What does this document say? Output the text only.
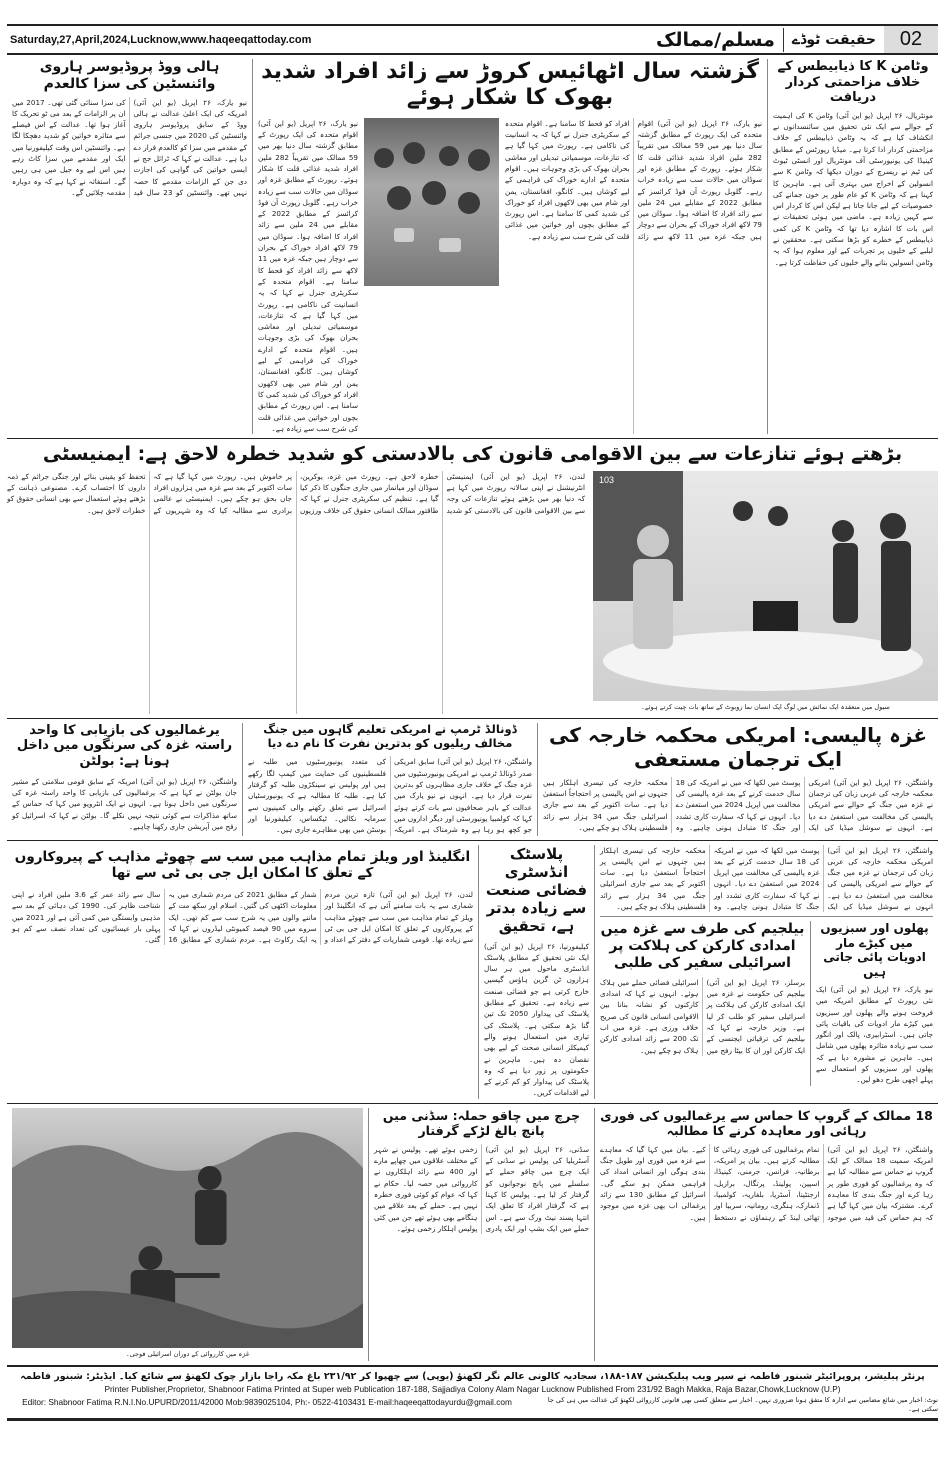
Saturday,27,April,2024,Lucknow,www.haqeeqattoday.com	مسلم/ممالک	حقیقت ٹوڈے	02
وٹامن K کا ذیابیطس کے خلاف مزاحمتی کردار دریافت
مونٹریال، ۲۶ اپریل (یو این آئی) وٹامن K کی اہمیت کے حوالے سے ایک نئی تحقیق میں سائنسدانوں نے انکشاف کیا ہے کہ یہ وٹامن ذیابیطس کے خلاف مزاحمتی کردار ادا کرتا ہے۔ میڈیا رپورٹس کے مطابق کینیڈا کی یونیورسٹی آف مونٹریال اور انسٹی ٹیوٹ کی ٹیم نے ریسرچ کے دوران دیکھا کہ وٹامن K سے انسولین کے اخراج میں بہتری آتی ہے۔ ماہرین کا کہنا ہے کہ وٹامن K کو عام طور پر خون جمانے کی خصوصیات کے لیے جانا جاتا ہے لیکن اس کا کردار اس سے کہیں زیادہ ہے۔ ماضی میں ہوئی تحقیقات نے اس بات کا اشارہ دیا تھا کہ وٹامن K کی کمی ذیابیطس کے خطرے کو بڑھا سکتی ہے۔ محققین نے لبلبے کے خلیوں پر تجربات کیے اور معلوم ہوا کہ یہ وٹامن انسولین بنانے والے خلیوں کی حفاظت کرتا ہے۔
گزشتہ سال اٹھائیس کروڑ سے زائد افراد شدید بھوک کا شکار ہوئے
نیو یارک، ۲۶ اپریل (یو این آئی) اقوام متحدہ کی ایک رپورٹ کے مطابق گزشتہ سال دنیا بھر میں 59 ممالک میں تقریباً 282 ملین افراد شدید غذائی قلت کا شکار ہوئے۔ رپورٹ کے مطابق غزہ اور سوڈان میں حالات سب سے زیادہ خراب رہے۔ گلوبل رپورٹ آن فوڈ کرائسز کے مطابق 2022 کے مقابلے میں 24 ملین سے زائد افراد کا اضافہ ہوا۔ سوڈان میں 79 لاکھ افراد خوراک کے بحران سے دوچار ہیں جبکہ غزہ میں 11 لاکھ سے زائد افراد کو قحط کا سامنا ہے۔ اقوام متحدہ کے سکریٹری جنرل نے کہا کہ یہ انسانیت کی ناکامی ہے۔ رپورٹ میں کہا گیا ہے کہ تنازعات، موسمیاتی تبدیلی اور معاشی بحران بھوک کی بڑی وجوہات ہیں۔ اقوام متحدہ کے ادارے خوراک کی فراہمی کے لیے کوشاں ہیں۔ کانگو، افغانستان، یمن اور شام میں بھی لاکھوں افراد کو خوراک کی شدید کمی کا سامنا ہے۔ اس رپورٹ کے مطابق بچوں اور خواتین میں غذائی قلت کی شرح سب سے زیادہ ہے۔
نیو یارک، ۲۶ اپریل (یو این آئی) اقوام متحدہ کی ایک رپورٹ کے مطابق گزشتہ سال دنیا بھر میں 59 ممالک میں تقریباً 282 ملین افراد شدید غذائی قلت کا شکار ہوئے۔ رپورٹ کے مطابق غزہ اور سوڈان میں حالات سب سے زیادہ خراب رہے۔ گلوبل رپورٹ آن فوڈ کرائسز کے مطابق 2022 کے مقابلے میں 24 ملین سے زائد افراد کا اضافہ ہوا۔ سوڈان میں 79 لاکھ افراد خوراک کے بحران سے دوچار ہیں جبکہ غزہ میں 11 لاکھ سے زائد افراد کو قحط کا سامنا ہے۔ اقوام متحدہ کے سکریٹری جنرل نے کہا کہ یہ انسانیت کی ناکامی ہے۔ رپورٹ میں کہا گیا ہے کہ تنازعات، موسمیاتی تبدیلی اور معاشی بحران بھوک کی بڑی وجوہات ہیں۔ اقوام متحدہ کے ادارے خوراک کی فراہمی کے لیے کوشاں ہیں۔ کانگو، افغانستان، یمن اور شام میں بھی لاکھوں افراد کو خوراک کی شدید کمی کا سامنا ہے۔ اس رپورٹ کے مطابق بچوں اور خواتین میں غذائی قلت کی شرح سب سے زیادہ ہے۔
ہالی ووڈ پروڈیوسر ہاروی وائنسٹین کی سزا کالعدم
نیو یارک، ۲۶ اپریل (یو این آئی) امریکہ کی ایک اعلیٰ عدالت نے ہالی ووڈ کے سابق پروڈیوسر ہاروی وائنسٹین کی 2020 میں جنسی جرائم کے مقدمے میں سزا کو کالعدم قرار دے دیا ہے۔ عدالت نے کہا کہ ٹرائل جج نے ایسی خواتین کی گواہی کی اجازت دی جن کے الزامات مقدمے کا حصہ نہیں تھے۔ وائنسٹین کو 23 سال قید کی سزا سنائی گئی تھی۔ 2017 میں ان پر الزامات کے بعد می ٹو تحریک کا آغاز ہوا تھا۔ عدالت کے اس فیصلے سے متاثرہ خواتین کو شدید دھچکا لگا ہے۔ وائنسٹین اس وقت کیلیفورنیا میں ایک اور مقدمے میں سزا کاٹ رہے ہیں اس لیے وہ جیل میں ہی رہیں گے۔ استغاثہ نے کہا ہے کہ وہ دوبارہ مقدمہ چلائیں گے۔
بڑھتے ہوئے تنازعات سے بین الاقوامی قانون کی بالادستی کو شدید خطرہ لاحق ہے: ایمنیسٹی
103
سیول میں منعقدہ ایک نمائش میں لوگ ایک انسان نما روبوٹ کے ساتھ بات چیت کرتے ہوئے۔
لندن، ۲۶ اپریل (یو این آئی) ایمنیسٹی انٹرنیشنل نے اپنی سالانہ رپورٹ میں کہا ہے کہ دنیا بھر میں بڑھتے ہوئے تنازعات کی وجہ سے بین الاقوامی قانون کی بالادستی کو شدید خطرہ لاحق ہے۔ رپورٹ میں غزہ، یوکرین، سوڈان اور میانمار میں جاری جنگوں کا ذکر کیا گیا ہے۔ تنظیم کی سکریٹری جنرل نے کہا کہ طاقتور ممالک انسانی حقوق کی خلاف ورزیوں پر خاموش ہیں۔ رپورٹ میں کہا گیا ہے کہ سات اکتوبر کے بعد سے غزہ میں ہزاروں افراد جاں بحق ہو چکے ہیں۔ ایمنیسٹی نے عالمی برادری سے مطالبہ کیا کہ وہ شہریوں کے تحفظ کو یقینی بنائے اور جنگی جرائم کے ذمہ داروں کا احتساب کرے۔ مصنوعی ذہانت کے بڑھتے ہوئے استعمال سے بھی انسانی حقوق کو خطرات لاحق ہیں۔
غزہ پالیسی: امریکی محکمہ خارجہ کی ایک ترجمان مستعفی
واشنگٹن، ۲۶ اپریل (یو این آئی) امریکی محکمہ خارجہ کی عربی زبان کی ترجمان نے غزہ میں جنگ کے حوالے سے امریکی پالیسی کی مخالفت میں استعفیٰ دے دیا ہے۔ انہوں نے سوشل میڈیا کی ایک پوسٹ میں لکھا کہ میں نے امریکہ کی 18 سال خدمت کرنے کے بعد غزہ پالیسی کی مخالفت میں اپریل 2024 میں استعفیٰ دے دیا۔ انہوں نے کہا کہ سفارت کاری تشدد اور جنگ کا متبادل ہونی چاہیے۔ وہ محکمہ خارجہ کی تیسری اہلکار ہیں جنہوں نے اس پالیسی پر احتجاجاً استعفیٰ دیا ہے۔ سات اکتوبر کے بعد سے جاری اسرائیلی جنگ میں 34 ہزار سے زائد فلسطینی ہلاک ہو چکے ہیں۔
ڈونالڈ ٹرمپ نے امریکی تعلیم گاہوں میں جنگ مخالف ریلیوں کو بدترین نفرت کا نام دے دیا
واشنگٹن، ۲۶ اپریل (یو این آئی) سابق امریکی صدر ڈونالڈ ٹرمپ نے امریکی یونیورسٹیوں میں غزہ جنگ کے خلاف جاری مظاہروں کو بدترین نفرت قرار دیا ہے۔ انہوں نے نیو یارک میں عدالت کے باہر صحافیوں سے بات کرتے ہوئے کہا کہ کولمبیا یونیورسٹی اور دیگر اداروں میں جو کچھ ہو رہا ہے وہ شرمناک ہے۔ امریکہ کی متعدد یونیورسٹیوں میں طلبہ نے فلسطینیوں کی حمایت میں کیمپ لگا رکھے ہیں اور پولیس نے سینکڑوں طلبہ کو گرفتار کیا ہے۔ طلبہ کا مطالبہ ہے کہ یونیورسٹیاں اسرائیل سے تعلق رکھنے والی کمپنیوں سے سرمایہ نکالیں۔ ٹیکساس، کیلیفورنیا اور بوسٹن میں بھی مظاہرے جاری ہیں۔
یرغمالیوں کی بازیابی کا واحد راستہ غزہ کی سرنگوں میں داخل ہونا ہے: بولٹن
واشنگٹن، ۲۶ اپریل (یو این آئی) امریکہ کے سابق قومی سلامتی کے مشیر جان بولٹن نے کہا ہے کہ یرغمالیوں کی بازیابی کا واحد راستہ غزہ کی سرنگوں میں داخل ہونا ہے۔ انہوں نے ایک انٹرویو میں کہا کہ حماس کے ساتھ مذاکرات سے کوئی نتیجہ نہیں نکلے گا۔ بولٹن نے کہا کہ اسرائیل کو رفح میں آپریشن جاری رکھنا چاہیے۔
واشنگٹن، ۲۶ اپریل (یو این آئی) امریکی محکمہ خارجہ کی عربی زبان کی ترجمان نے غزہ میں جنگ کے حوالے سے امریکی پالیسی کی مخالفت میں استعفیٰ دے دیا ہے۔ انہوں نے سوشل میڈیا کی ایک پوسٹ میں لکھا کہ میں نے امریکہ کی 18 سال خدمت کرنے کے بعد غزہ پالیسی کی مخالفت میں اپریل 2024 میں استعفیٰ دے دیا۔ انہوں نے کہا کہ سفارت کاری تشدد اور جنگ کا متبادل ہونی چاہیے۔ وہ محکمہ خارجہ کی تیسری اہلکار ہیں جنہوں نے اس پالیسی پر احتجاجاً استعفیٰ دیا ہے۔ سات اکتوبر کے بعد سے جاری اسرائیلی جنگ میں 34 ہزار سے زائد فلسطینی ہلاک ہو چکے ہیں۔
پھلوں اور سبزیوں میں کیڑے مار ادویات پائی جاتی ہیں
نیو یارک، ۲۶ اپریل (یو این آئی) ایک نئی رپورٹ کے مطابق امریکہ میں فروخت ہونے والے پھلوں اور سبزیوں میں کیڑے مار ادویات کی باقیات پائی جاتی ہیں۔ اسٹرابیری، پالک اور انگور سب سے زیادہ متاثرہ پھلوں میں شامل ہیں۔ ماہرین نے مشورہ دیا ہے کہ پھلوں اور سبزیوں کو استعمال سے پہلے اچھی طرح دھو لیں۔
بیلجیم کی طرف سے غزہ میں امدادی کارکن کی ہلاکت پر اسرائیلی سفیر کی طلبی
برسلز، ۲۶ اپریل (یو این آئی) بیلجیم کی حکومت نے غزہ میں ایک امدادی کارکن کی ہلاکت پر اسرائیلی سفیر کو طلب کر لیا ہے۔ وزیر خارجہ نے کہا کہ بیلجیم کی ترقیاتی ایجنسی کے ایک کارکن اور ان کا بیٹا رفح میں اسرائیلی فضائی حملے میں ہلاک ہوئے۔ انہوں نے کہا کہ امدادی کارکنوں کو نشانہ بنانا بین الاقوامی انسانی قانون کی صریح خلاف ورزی ہے۔ غزہ میں اب تک 200 سے زائد امدادی کارکن ہلاک ہو چکے ہیں۔
پلاسٹک انڈسٹری فضائی صنعت سے زیادہ بدتر ہے، تحقیق
کیلیفورنیا، ۲۶ اپریل (یو این آئی) ایک نئی تحقیق کے مطابق پلاسٹک انڈسٹری ماحول میں ہر سال ہزاروں ٹن گرین ہاؤس گیسیں خارج کرتی ہے جو فضائی صنعت سے زیادہ ہے۔ تحقیق کے مطابق پلاسٹک کی پیداوار 2050 تک تین گنا بڑھ سکتی ہے۔ پلاسٹک کی تیاری میں استعمال ہونے والے کیمیکلز انسانی صحت کے لیے بھی نقصان دہ ہیں۔ ماہرین نے حکومتوں پر زور دیا ہے کہ وہ پلاسٹک کی پیداوار کو کم کرنے کے لیے اقدامات کریں۔
انگلینڈ اور ویلز تمام مذاہب میں سب سے چھوٹے مذاہب کے پیروکاروں کے تعلق کا امکان ایل جی بی ٹی سے تھا
لندن، ۲۶ اپریل (یو این آئی) تازہ ترین مردم شماری سے یہ بات سامنے آئی ہے کہ انگلینڈ اور ویلز کے تمام مذاہب میں سب سے چھوٹے مذاہب کے پیروکاروں کے تعلق کا امکان ایل جی بی ٹی سے زیادہ تھا۔ قومی شماریات کے دفتر کے اعداد و شمار کے مطابق 2021 کی مردم شماری میں یہ معلومات اکٹھی کی گئیں۔ اسلام اور سکھ مت کے ماننے والوں میں یہ شرح سب سے کم تھی۔ ایک سروے میں 90 فیصد کمیونٹی لیڈروں نے کہا کہ یہ ایک رکاوٹ ہے۔ مردم شماری کے مطابق 16 سال سے زائد عمر کے 3.6 ملین افراد نے اپنی شناخت ظاہر کی۔ 1990 کی دہائی کے بعد سے مذہبی وابستگی میں کمی آئی ہے اور 2021 میں پہلی بار عیسائیوں کی تعداد نصف سے کم ہو گئی۔
18 ممالک کے گروپ کا حماس سے یرغمالیوں کی فوری رہائی اور معاہدہ کرنے کا مطالبہ
واشنگٹن، ۲۶ اپریل (یو این آئی) امریکہ سمیت 18 ممالک کے ایک گروپ نے حماس سے مطالبہ کیا ہے کہ وہ یرغمالیوں کو فوری طور پر رہا کرے اور جنگ بندی کا معاہدہ کرے۔ مشترکہ بیان میں کہا گیا ہے کہ ہم حماس کی قید میں موجود تمام یرغمالیوں کی فوری رہائی کا مطالبہ کرتے ہیں۔ بیان پر امریکہ، برطانیہ، فرانس، جرمنی، کینیڈا، اسپین، پولینڈ، پرتگال، برازیل، ارجنٹینا، آسٹریا، بلغاریہ، کولمبیا، ڈنمارک، ہنگری، رومانیہ، سربیا اور تھائی لینڈ کے رہنماؤں نے دستخط کیے۔ بیان میں کہا گیا کہ معاہدے سے غزہ میں فوری اور طویل جنگ بندی ہوگی اور انسانی امداد کی فراہمی ممکن ہو سکے گی۔ اسرائیل کے مطابق 130 سے زائد یرغمالی اب بھی غزہ میں موجود ہیں۔
چرچ میں چاقو حملہ: سڈنی میں پانچ بالغ لڑکے گرفتار
سڈنی، ۲۶ اپریل (یو این آئی) آسٹریلیا کی پولیس نے سڈنی کے ایک چرچ میں چاقو حملے کے سلسلے میں پانچ نوجوانوں کو گرفتار کر لیا ہے۔ پولیس کا کہنا ہے کہ گرفتار افراد کا تعلق ایک انتہا پسند نیٹ ورک سے ہے۔ اس حملے میں ایک بشپ اور ایک پادری زخمی ہوئے تھے۔ پولیس نے شہر کے مختلف علاقوں میں چھاپے مارے اور 400 سے زائد اہلکاروں نے کارروائی میں حصہ لیا۔ حکام نے کہا کہ عوام کو کوئی فوری خطرہ نہیں ہے۔ حملے کے بعد علاقے میں ہنگامے بھی ہوئے تھے جن میں کئی پولیس اہلکار زخمی ہوئے۔
غزہ میں کارروائی کے دوران اسرائیلی فوجی۔
پرنٹر پبلیشر، پروپرائیٹر شبنور فاطمہ نے سپر ویب پبلیکیشن ۱۸۷-۱۸۸، سجادیہ کالونی عالم نگر لکھنؤ (یوپی) سے چھپوا کر ۲۳۱/۹۲ باغ مکہ راجا بازار چوک لکھنؤ سے شائع کیا۔ ایڈیٹر: شبنور فاطمہ
Printer Publisher,Proprietor, Shabnoor Fatima Printed at Super web Publication 187-188, Sajjadiya Colony Alam Nagar Lucknow Published From 231/92 Bagh Makka, Raja Bazar,Chowk,Lucknow (U.P)
Editor: Shabnoor Fatima R.N.I.No.UPURD/2011/42000 Mob:9839025104, Ph:- 0522-4103431 E-mail:haqeeqattodayurdu@gmail.com	نوٹ: اخبار میں شائع مضامین سے ادارہ کا متفق ہونا ضروری نہیں۔ اخبار سے متعلق کسی بھی قانونی کارروائی لکھنؤ کی عدالت میں ہی کی جا سکتی ہے۔
